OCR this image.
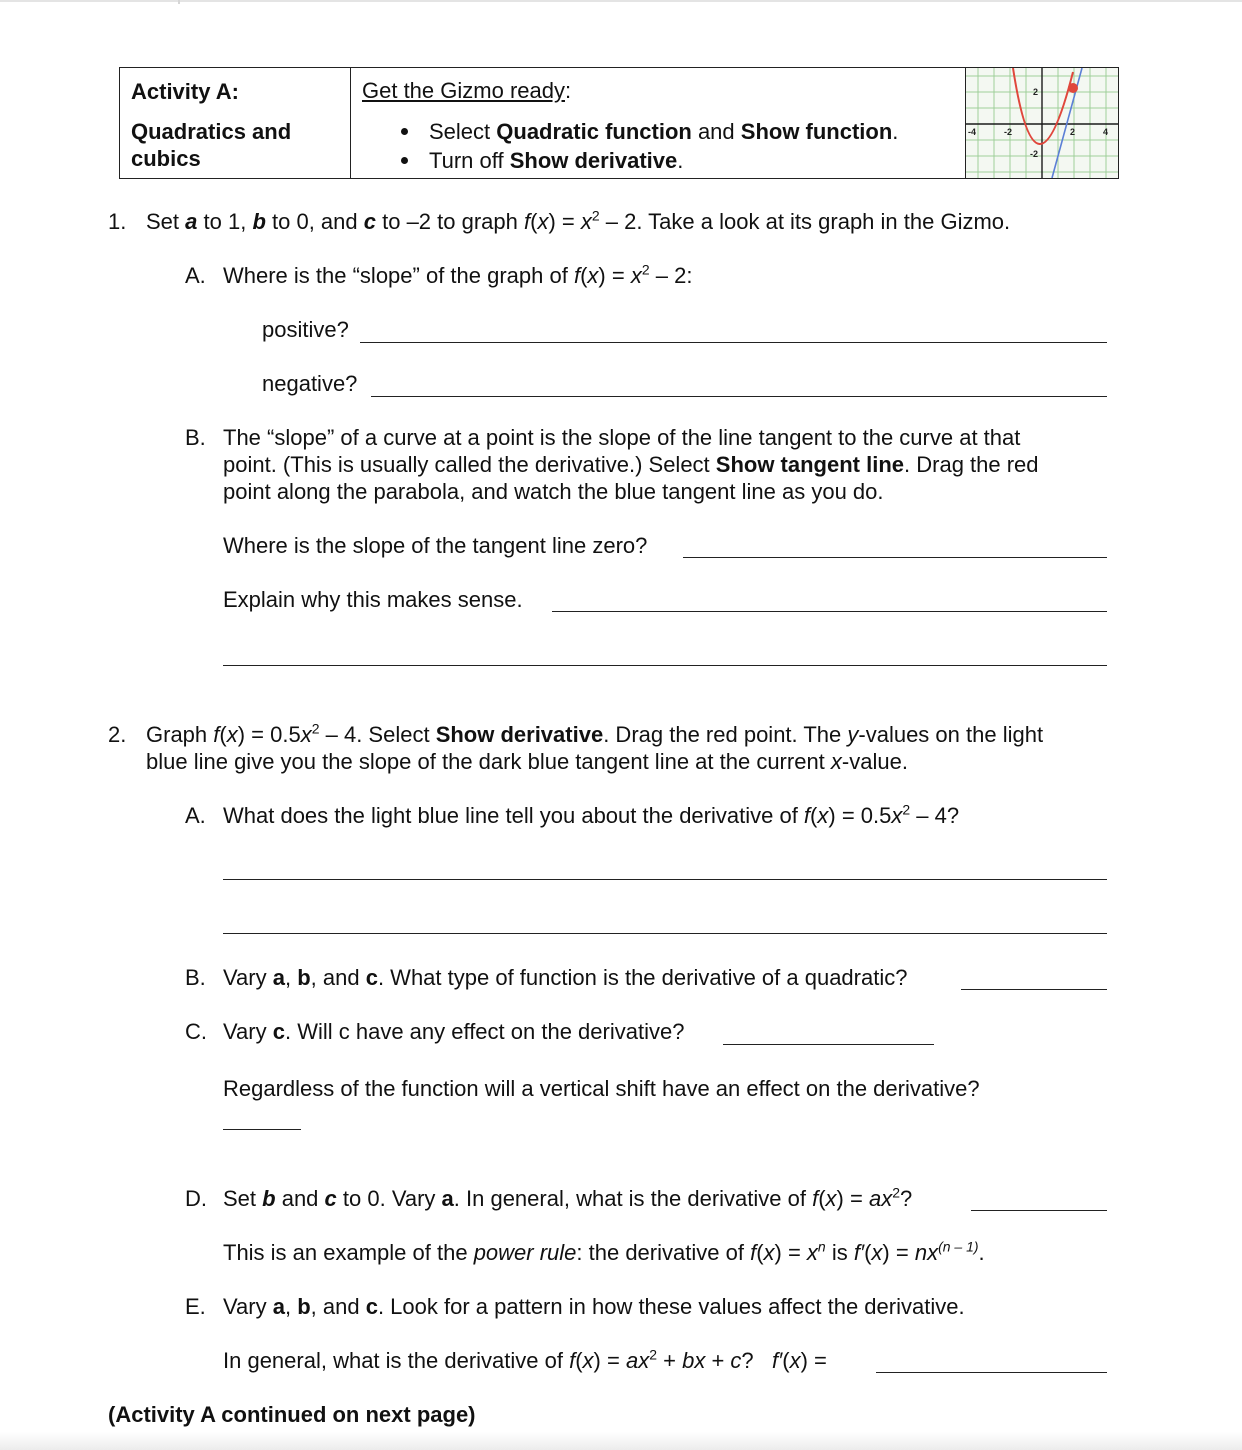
Activity A:
Quadratics and
cubics
Get the Gizmo ready:
Select Quadratic function and Show function.
Turn off Show derivative.
-4	-2	2	4
2
-2
1. Set a to 1, b to 0, and c to –2 to graph $f(x) = x^2 - 2$. Take a look at its graph in the Gizmo.
A. Where is the “slope” of the graph of $f(x) = x^2 - 2$:
positive?
negative?
B. The “slope” of a curve at a point is the slope of the line tangent to the curve at that
point. (This is usually called the derivative.) Select Show tangent line. Drag the red
point along the parabola, and watch the blue tangent line as you do.
Where is the slope of the tangent line zero?
Explain why this makes sense.
2. Graph $f(x) = 0.5x^2 - 4$. Select Show derivative. Drag the red point. The y-values on the light
blue line give you the slope of the dark blue tangent line at the current x-value.
A. What does the light blue line tell you about the derivative of $f(x) = 0.5x^2 - 4$?
B. Vary a, b, and c. What type of function is the derivative of a quadratic?
C. Vary c. Will c have any effect on the derivative?
Regardless of the function will a vertical shift have an effect on the derivative?
D. Set b and c to 0. Vary a. In general, what is the derivative of $f(x) = ax^2$?
This is an example of the power rule: the derivative of $f(x) = x^n$ is $f'(x) = nx^{(n - 1)}$.
E. Vary a, b, and c. Look for a pattern in how these values affect the derivative.
In general, what is the derivative of $f(x) = ax^2$ + bx + c?   f′(x) =
(Activity A continued on next page)
